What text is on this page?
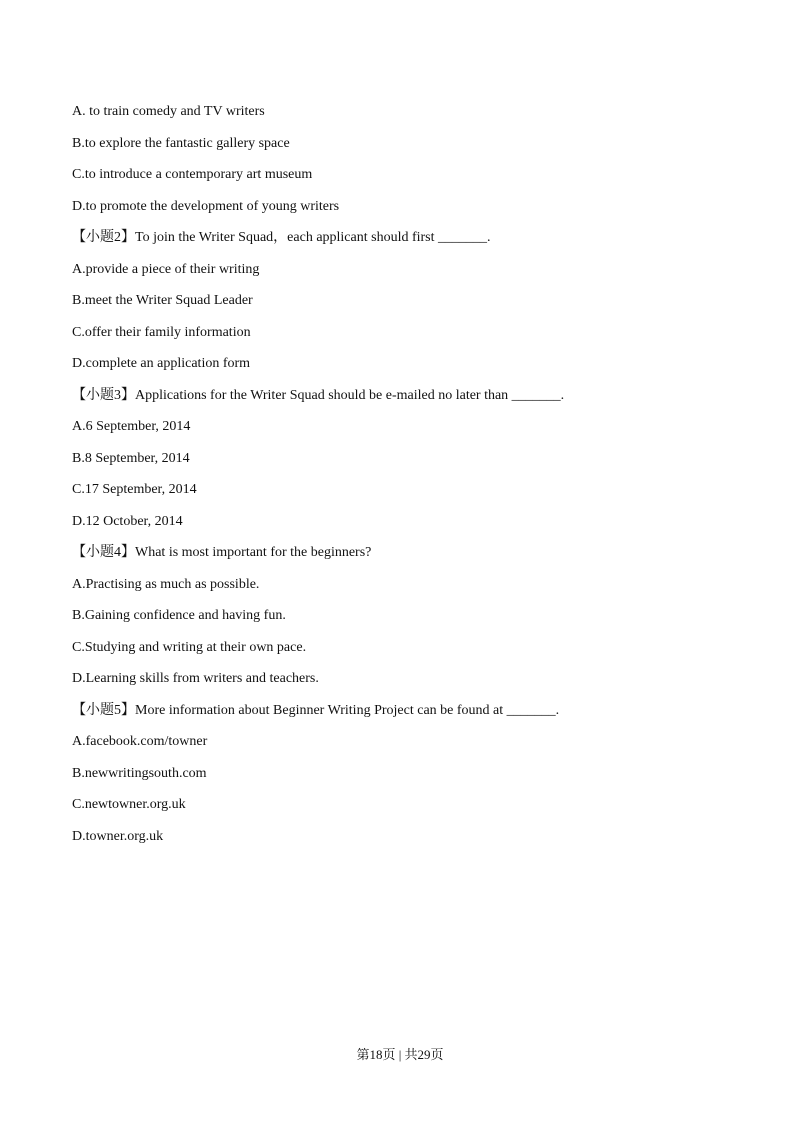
A. to train comedy and TV writers
B.to explore the fantastic gallery space
C.to introduce a contemporary art museum
D.to promote the development of young writers
【小题2】To join the Writer Squad，each applicant should first _______.
A.provide a piece of their writing
B.meet the Writer Squad Leader
C.offer their family information
D.complete an application form
【小题3】Applications for the Writer Squad should be e-mailed no later than _______.
A.6 September, 2014
B.8 September, 2014
C.17 September, 2014
D.12 October, 2014
【小题4】What is most important for the beginners?
A.Practising as much as possible.
B.Gaining confidence and having fun.
C.Studying and writing at their own pace.
D.Learning skills from writers and teachers.
【小题5】More information about Beginner Writing Project can be found at _______.
A.facebook.com/towner
B.newwritingsouth.com
C.newtowner.org.uk
D.towner.org.uk
第18页 | 共29页
